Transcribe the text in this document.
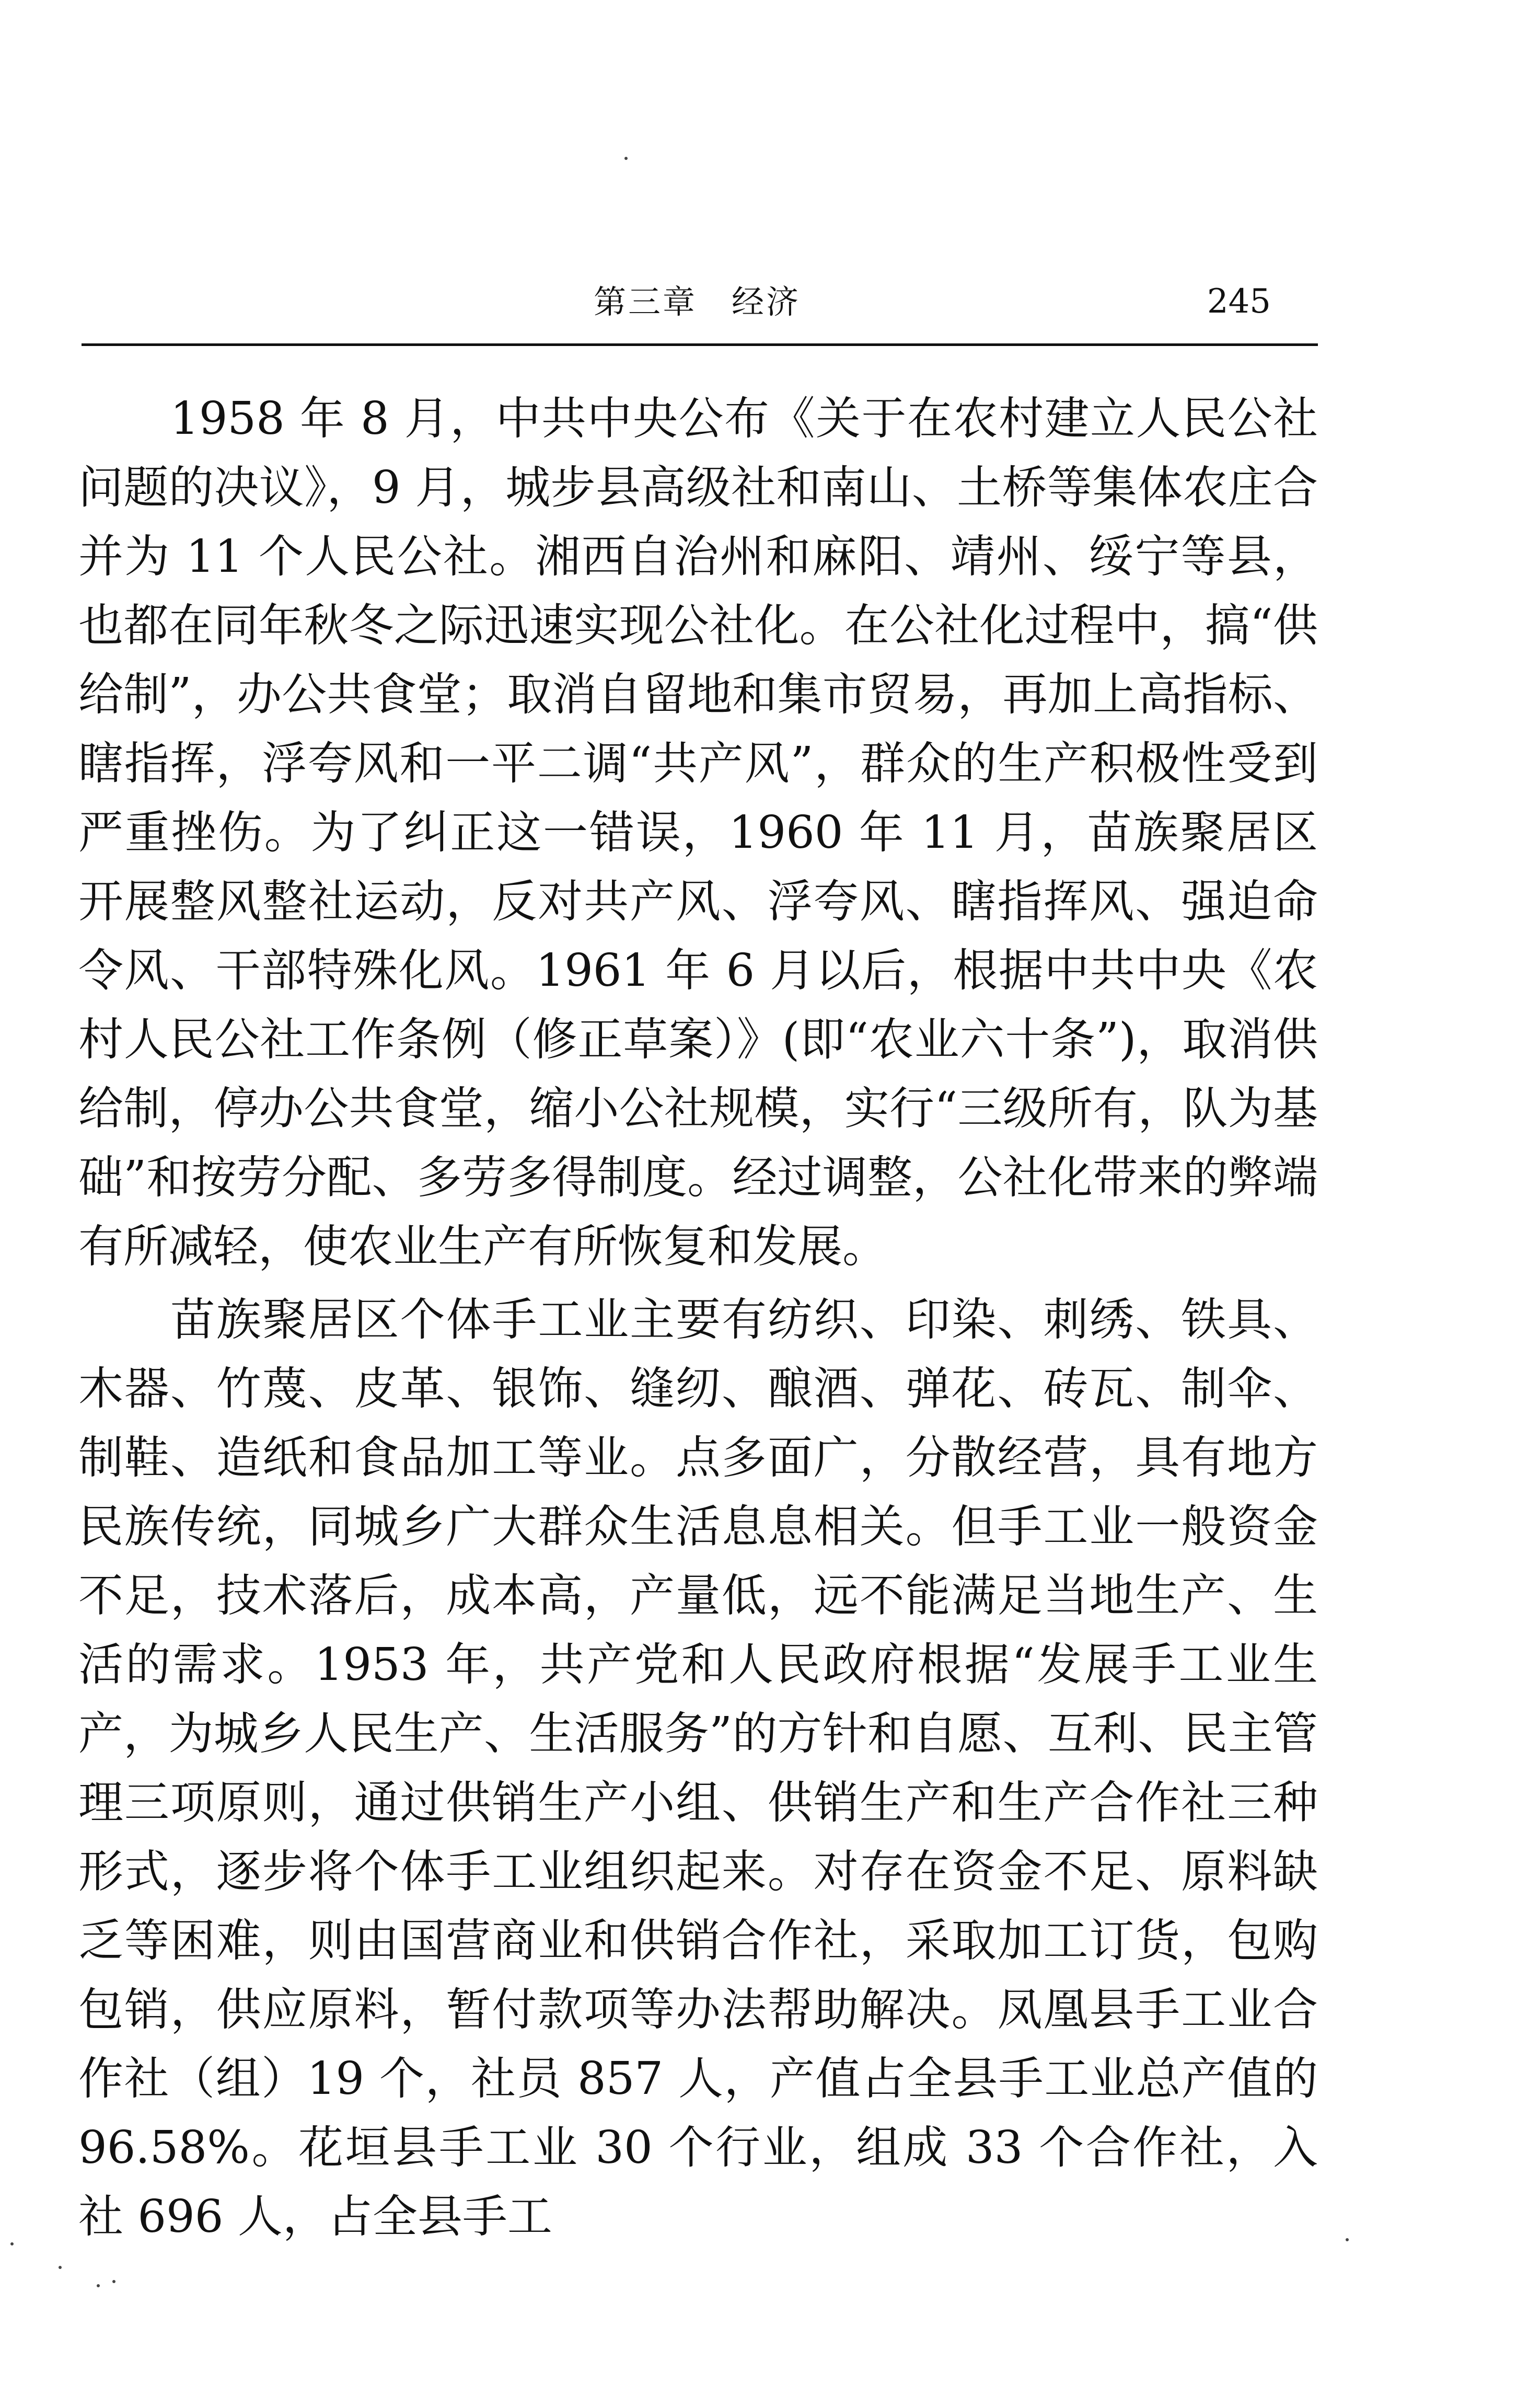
第三章　经济	245

1958 年 8 月，中共中央公布《关于在农村建立人民公社问题的决议》，9 月，城步县高级社和南山、土桥等集体农庄合并为 11 个人民公社。湘西自治州和麻阳、靖州、绥宁等县，也都在同年秋冬之际迅速实现公社化。在公社化过程中，搞“供给制”，办公共食堂；取消自留地和集市贸易，再加上高指标、瞎指挥，浮夸风和一平二调“共产风”，群众的生产积极性受到严重挫伤。为了纠正这一错误，1960 年 11 月，苗族聚居区开展整风整社运动，反对共产风、浮夸风、瞎指挥风、强迫命令风、干部特殊化风。1961 年 6 月以后，根据中共中央《农村人民公社工作条例（修正草案）》(即“农业六十条”)，取消供给制，停办公共食堂，缩小公社规模，实行“三级所有，队为基础”和按劳分配、多劳多得制度。经过调整，公社化带来的弊端有所减轻，使农业生产有所恢复和发展。

苗族聚居区个体手工业主要有纺织、印染、刺绣、铁具、木器、竹蔑、皮革、银饰、缝纫、酿酒、弹花、砖瓦、制伞、制鞋、造纸和食品加工等业。点多面广，分散经营，具有地方民族传统，同城乡广大群众生活息息相关。但手工业一般资金不足，技术落后，成本高，产量低，远不能满足当地生产、生活的需求。1953 年，共产党和人民政府根据“发展手工业生产，为城乡人民生产、生活服务”的方针和自愿、互利、民主管理三项原则，通过供销生产小组、供销生产和生产合作社三种形式，逐步将个体手工业组织起来。对存在资金不足、原料缺乏等困难，则由国营商业和供销合作社，采取加工订货，包购包销，供应原料，暂付款项等办法帮助解决。凤凰县手工业合作社（组）19 个，社员 857 人，产值占全县手工业总产值的 96.58%。花垣县手工业 30 个行业，组成 33 个合作社，入社 696 人，占全县手工
